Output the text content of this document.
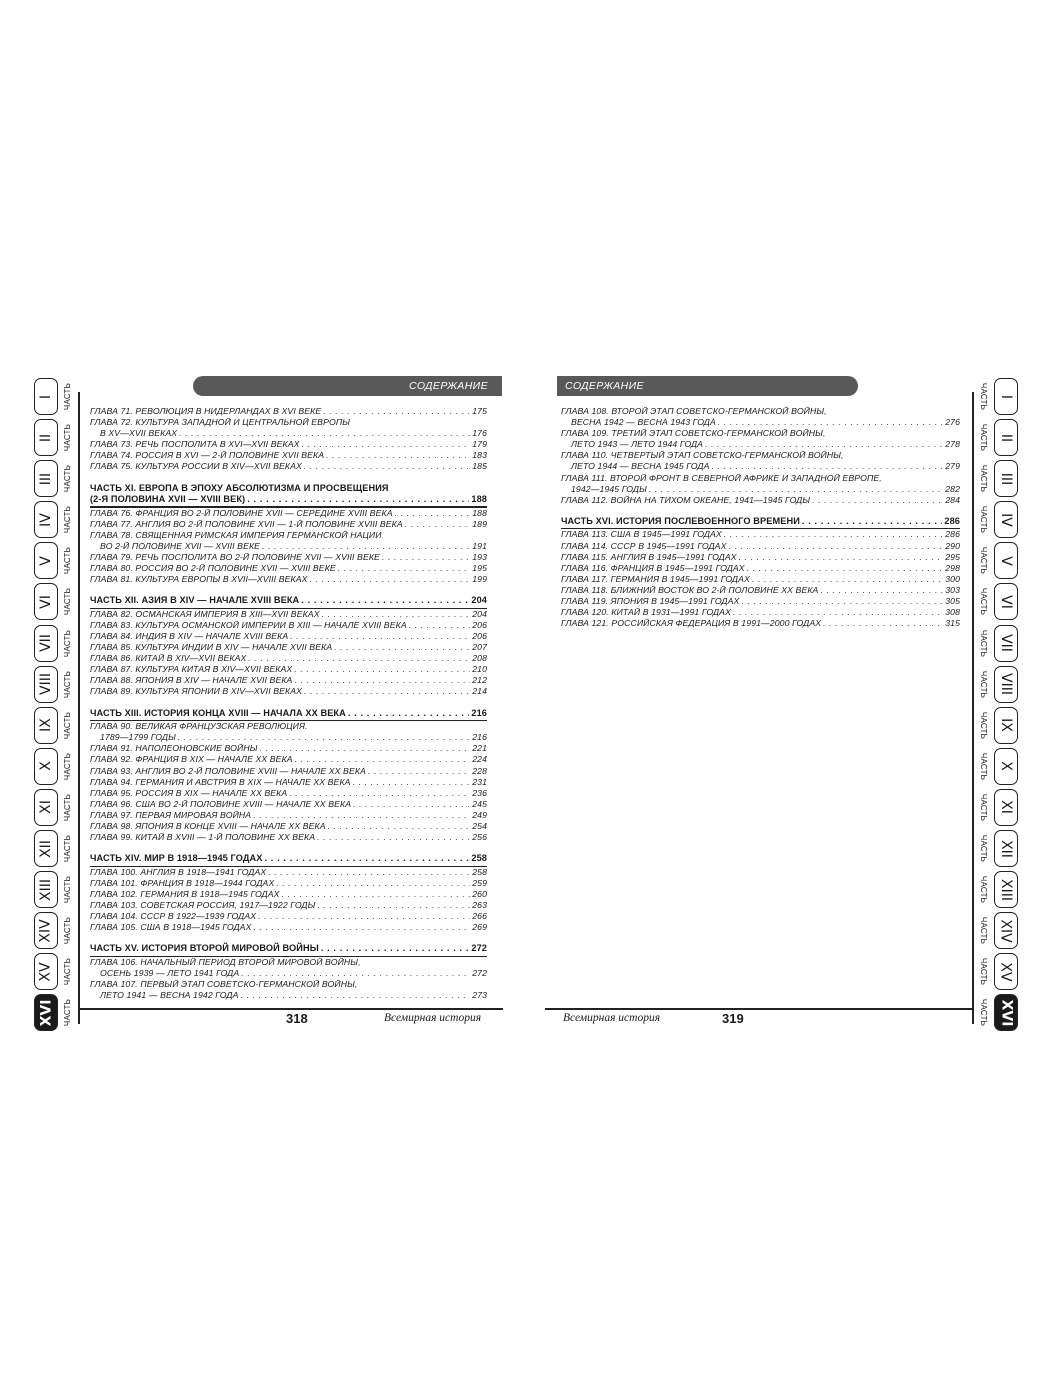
I ЧАСТЬ
II ЧАСТЬ
III ЧАСТЬ
IV ЧАСТЬ
V ЧАСТЬ
VI ЧАСТЬ
VII ЧАСТЬ
VIII ЧАСТЬ
IX ЧАСТЬ
X ЧАСТЬ
XI ЧАСТЬ
XII ЧАСТЬ
XIII ЧАСТЬ
XIV ЧАСТЬ
XV ЧАСТЬ
XVI ЧАСТЬ
I
ЧАСТЬ
II
ЧАСТЬ
III
ЧАСТЬ
IV
ЧАСТЬ
V
ЧАСТЬ
VI
ЧАСТЬ
VII
ЧАСТЬ
VIII
ЧАСТЬ
IX
ЧАСТЬ
X
ЧАСТЬ
XI
ЧАСТЬ
XII
ЧАСТЬ
XIII
ЧАСТЬ
XIV
ЧАСТЬ
XV
ЧАСТЬ
XVI
ЧАСТЬ
СОДЕРЖАНИЕ	СОДЕРЖАНИЕ
ГЛАВА 71. РЕВОЛЮЦИЯ В НИДЕРЛАНДАХ В XVI ВЕКЕ . . .	175
ГЛАВА 72. КУЛЬТУРА ЗАПАДНОЙ И ЦЕНТРАЛЬНОЙ ЕВРОПЫ
В XV—XVII ВЕКАХ . . .	176
ГЛАВА 73. РЕЧЬ ПОСПОЛИТА В XVI—XVII ВЕКАХ . . .	179
ГЛАВА 74. РОССИЯ В XVI — 2-Й ПОЛОВИНЕ XVII ВЕКА . . .	183
ГЛАВА 75. КУЛЬТУРА РОССИИ В XIV—XVII ВЕКАХ . . .	185
ЧАСТЬ XI. ЕВРОПА В ЭПОХУ АБСОЛЮТИЗМА И ПРОСВЕЩЕНИЯ
(2-Я ПОЛОВИНА XVII — XVIII ВЕК) . . .	188
ГЛАВА 76. ФРАНЦИЯ ВО 2-Й ПОЛОВИНЕ XVII — СЕРЕДИНЕ XVIII ВЕКА . . .	188
ГЛАВА 77. АНГЛИЯ ВО 2-Й ПОЛОВИНЕ XVII — 1-Й ПОЛОВИНЕ XVIII ВЕКА . . .	189
ГЛАВА 78. СВЯЩЕННАЯ РИМСКАЯ ИМПЕРИЯ ГЕРМАНСКОЙ НАЦИИ
ВО 2-Й ПОЛОВИНЕ XVII — XVIII ВЕКЕ . . .	191
ГЛАВА 79. РЕЧЬ ПОСПОЛИТА ВО 2-Й ПОЛОВИНЕ XVII — XVIII ВЕКЕ . . .	193
ГЛАВА 80. РОССИЯ ВО 2-Й ПОЛОВИНЕ XVII — XVIII ВЕКЕ . . .	195
ГЛАВА 81. КУЛЬТУРА ЕВРОПЫ В XVII—XVIII ВЕКАХ . . .	199
ЧАСТЬ XII. АЗИЯ В XIV — НАЧАЛЕ XVIII ВЕКА . . .	204
ГЛАВА 82. ОСМАНСКАЯ ИМПЕРИЯ В XIII—XVII ВЕКАХ . . .	204
ГЛАВА 83. КУЛЬТУРА ОСМАНСКОЙ ИМПЕРИИ В XIII — НАЧАЛЕ XVIII ВЕКА . . .	206
ГЛАВА 84. ИНДИЯ В XIV — НАЧАЛЕ XVIII ВЕКА . . .	206
ГЛАВА 85. КУЛЬТУРА ИНДИИ В XIV — НАЧАЛЕ XVII ВЕКА . . .	207
ГЛАВА 86. КИТАЙ В XIV—XVII ВЕКАХ . . .	208
ГЛАВА 87. КУЛЬТУРА КИТАЯ В XIV—XVII ВЕКАХ . . .	210
ГЛАВА 88. ЯПОНИЯ В XIV — НАЧАЛЕ XVII ВЕКА . . .	212
ГЛАВА 89. КУЛЬТУРА ЯПОНИИ В XIV—XVII ВЕКАХ . . .	214
ЧАСТЬ XIII. ИСТОРИЯ КОНЦА XVIII — НАЧАЛА XX ВЕКА . . .	216
ГЛАВА 90. ВЕЛИКАЯ ФРАНЦУЗСКАЯ РЕВОЛЮЦИЯ.
1789—1799 ГОДЫ . . .	216
ГЛАВА 91. НАПОЛЕОНОВСКИЕ ВОЙНЫ . . .	221
ГЛАВА 92. ФРАНЦИЯ В XIX — НАЧАЛЕ XX ВЕКА . . .	224
ГЛАВА 93. АНГЛИЯ ВО 2-Й ПОЛОВИНЕ XVIII — НАЧАЛЕ XX ВЕКА . . .	228
ГЛАВА 94. ГЕРМАНИЯ И АВСТРИЯ В XIX — НАЧАЛЕ XX ВЕКА . . .	231
ГЛАВА 95. РОССИЯ В XIX — НАЧАЛЕ XX ВЕКА . . .	236
ГЛАВА 96. США ВО 2-Й ПОЛОВИНЕ XVIII — НАЧАЛЕ XX ВЕКА . . .	245
ГЛАВА 97. ПЕРВАЯ МИРОВАЯ ВОЙНА . . .	249
ГЛАВА 98. ЯПОНИЯ В КОНЦЕ XVIII — НАЧАЛЕ XX ВЕКА . . .	254
ГЛАВА 99. КИТАЙ В XVIII — 1-Й ПОЛОВИНЕ XX ВЕКА . . .	256
ЧАСТЬ XIV. МИР В 1918—1945 ГОДАХ . . .	258
ГЛАВА 100. АНГЛИЯ В 1918—1941 ГОДАХ . . .	258
ГЛАВА 101. ФРАНЦИЯ В 1918—1944 ГОДАХ . . .	259
ГЛАВА 102. ГЕРМАНИЯ В 1918—1945 ГОДАХ . . .	260
ГЛАВА 103. СОВЕТСКАЯ РОССИЯ, 1917—1922 ГОДЫ . . .	263
ГЛАВА 104. СССР В 1922—1939 ГОДАХ . . .	266
ГЛАВА 105. США В 1918—1945 ГОДАХ . . .	269
ЧАСТЬ XV. ИСТОРИЯ ВТОРОЙ МИРОВОЙ ВОЙНЫ . . .	272
ГЛАВА 106. НАЧАЛЬНЫЙ ПЕРИОД ВТОРОЙ МИРОВОЙ ВОЙНЫ,
ОСЕНЬ 1939 — ЛЕТО 1941 ГОДА . . .	272
ГЛАВА 107. ПЕРВЫЙ ЭТАП СОВЕТСКО-ГЕРМАНСКОЙ ВОЙНЫ,
ЛЕТО 1941 — ВЕСНА 1942 ГОДА . . .	273
ГЛАВА 108. ВТОРОЙ ЭТАП СОВЕТСКО-ГЕРМАНСКОЙ ВОЙНЫ,
ВЕСНА 1942 — ВЕСНА 1943 ГОДА . . .	276
ГЛАВА 109. ТРЕТИЙ ЭТАП СОВЕТСКО-ГЕРМАНСКОЙ ВОЙНЫ,
ЛЕТО 1943 — ЛЕТО 1944 ГОДА . . .	278
ГЛАВА 110. ЧЕТВЕРТЫЙ ЭТАП СОВЕТСКО-ГЕРМАНСКОЙ ВОЙНЫ,
ЛЕТО 1944 — ВЕСНА 1945 ГОДА . . .	279
ГЛАВА 111. ВТОРОЙ ФРОНТ В СЕВЕРНОЙ АФРИКЕ И ЗАПАДНОЙ ЕВРОПЕ,
1942—1945 ГОДЫ . . .	282
ГЛАВА 112. ВОЙНА НА ТИХОМ ОКЕАНЕ, 1941—1945 ГОДЫ . . .	284
ЧАСТЬ XVI. ИСТОРИЯ ПОСЛЕВОЕННОГО ВРЕМЕНИ . . .	286
ГЛАВА 113. США В 1945—1991 ГОДАХ . . .	286
ГЛАВА 114. СССР В 1945—1991 ГОДАХ . . .	290
ГЛАВА 115. АНГЛИЯ В 1945—1991 ГОДАХ . . .	295
ГЛАВА 116. ФРАНЦИЯ В 1945—1991 ГОДАХ . . .	298
ГЛАВА 117. ГЕРМАНИЯ В 1945—1991 ГОДАХ . . .	300
ГЛАВА 118. БЛИЖНИЙ ВОСТОК ВО 2-Й ПОЛОВИНЕ XX ВЕКА . . .	303
ГЛАВА 119. ЯПОНИЯ В 1945—1991 ГОДАХ . . .	305
ГЛАВА 120. КИТАЙ В 1931—1991 ГОДАХ . . .	308
ГЛАВА 121. РОССИЙСКАЯ ФЕДЕРАЦИЯ В 1991—2000 ГОДАХ . . .	315
318	Всемирная история	Всемирная история	319
